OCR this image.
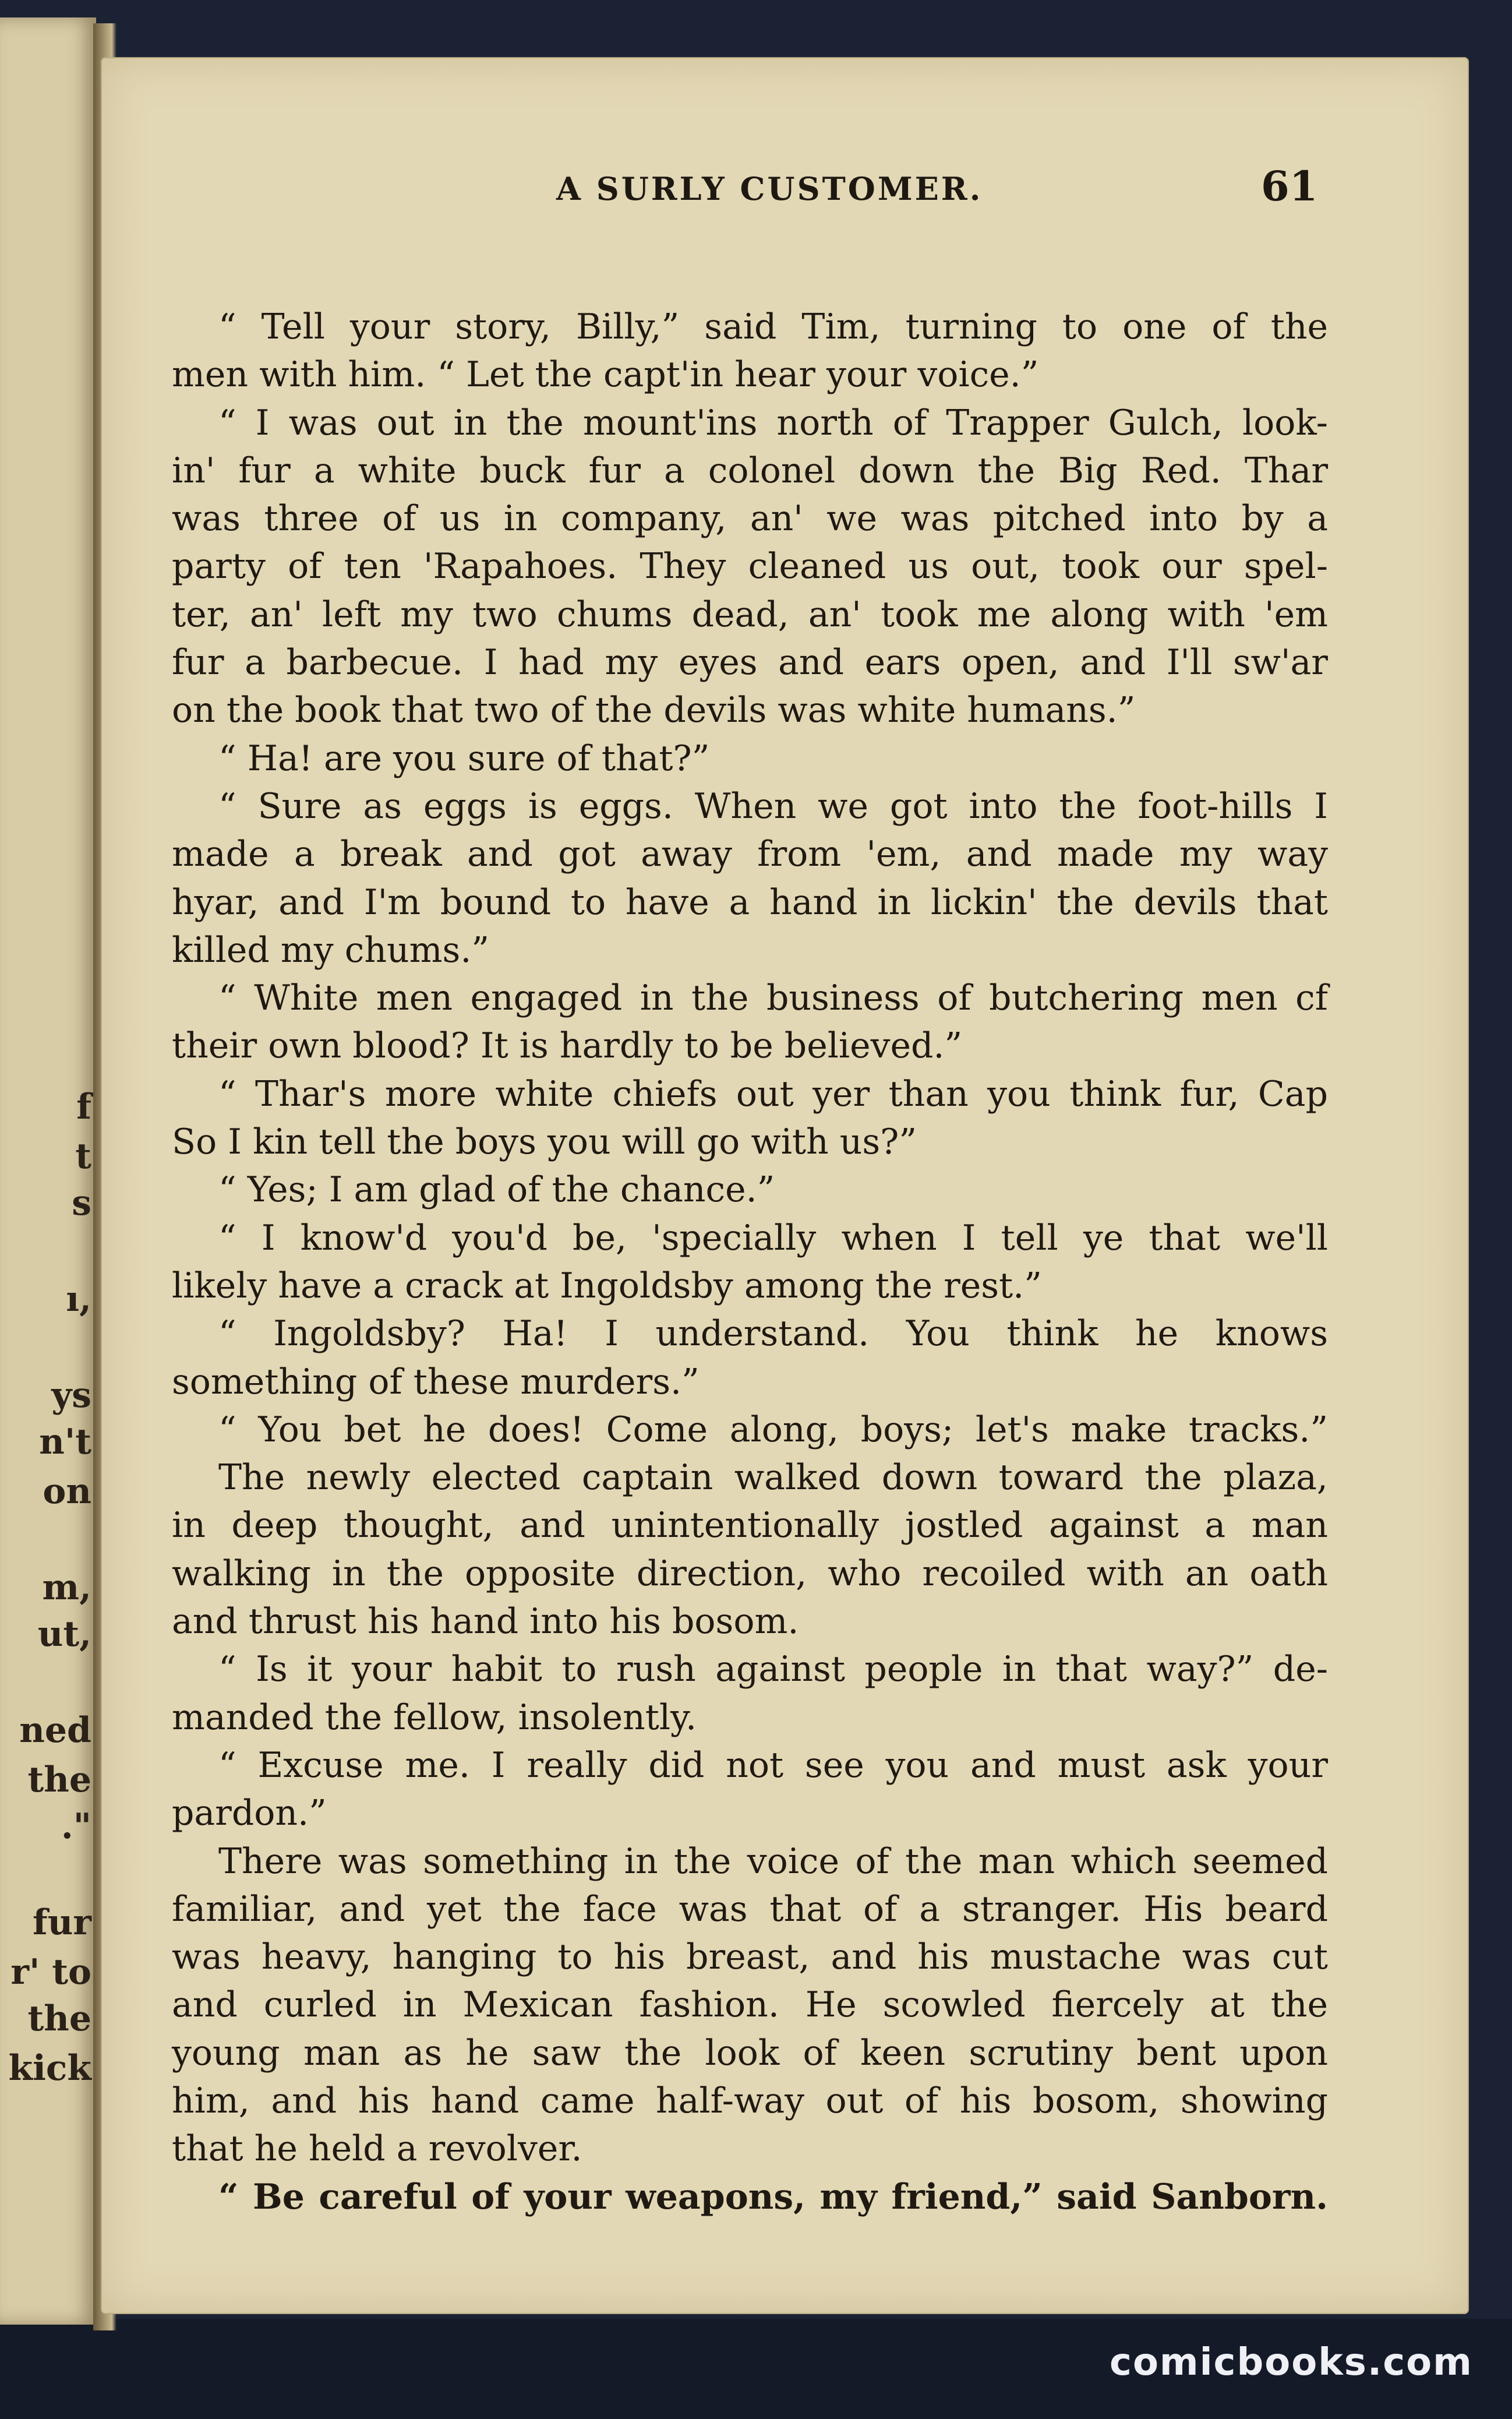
f

t

s

ı,

ys

n't

on

m,

ut,

ned

the

."

fur

r' to

the

kick

A SURLY CUSTOMER.	61
“ Tell your story, Billy,” said Tim, turning to one of the
men with him. “ Let the capt'in hear your voice.”
“ I was out in the mount'ins north of Trapper Gulch, look-
in' fur a white buck fur a colonel down the Big Red. Thar
was three of us in company, an' we was pitched into by a
party of ten 'Rapahoes. They cleaned us out, took our spel-
ter, an' left my two chums dead, an' took me along with 'em
fur a barbecue. I had my eyes and ears open, and I'll sw'ar
on the book that two of the devils was white humans.”
“ Ha! are you sure of that?”
“ Sure as eggs is eggs. When we got into the foot-hills I
made a break and got away from 'em, and made my way
hyar, and I'm bound to have a hand in lickin' the devils that
killed my chums.”
“ White men engaged in the business of butchering men cf
their own blood? It is hardly to be believed.”
“ Thar's more white chiefs out yer than you think fur, Cap
So I kin tell the boys you will go with us?”
“ Yes; I am glad of the chance.”
“ I know'd you'd be, 'specially when I tell ye that we'll
likely have a crack at Ingoldsby among the rest.”
“ Ingoldsby? Ha! I understand. You think he knows
something of these murders.”
“ You bet he does! Come along, boys; let's make tracks.”
The newly elected captain walked down toward the plaza,
in deep thought, and unintentionally jostled against a man
walking in the opposite direction, who recoiled with an oath
and thrust his hand into his bosom.
“ Is it your habit to rush against people in that way?” de-
manded the fellow, insolently.
“ Excuse me. I really did not see you and must ask your
pardon.”
There was something in the voice of the man which seemed
familiar, and yet the face was that of a stranger. His beard
was heavy, hanging to his breast, and his mustache was cut
and curled in Mexican fashion. He scowled fiercely at the
young man as he saw the look of keen scrutiny bent upon
him, and his hand came half-way out of his bosom, showing
that he held a revolver.
“ Be careful of your weapons, my friend,” said Sanborn.
comicbooks.com
